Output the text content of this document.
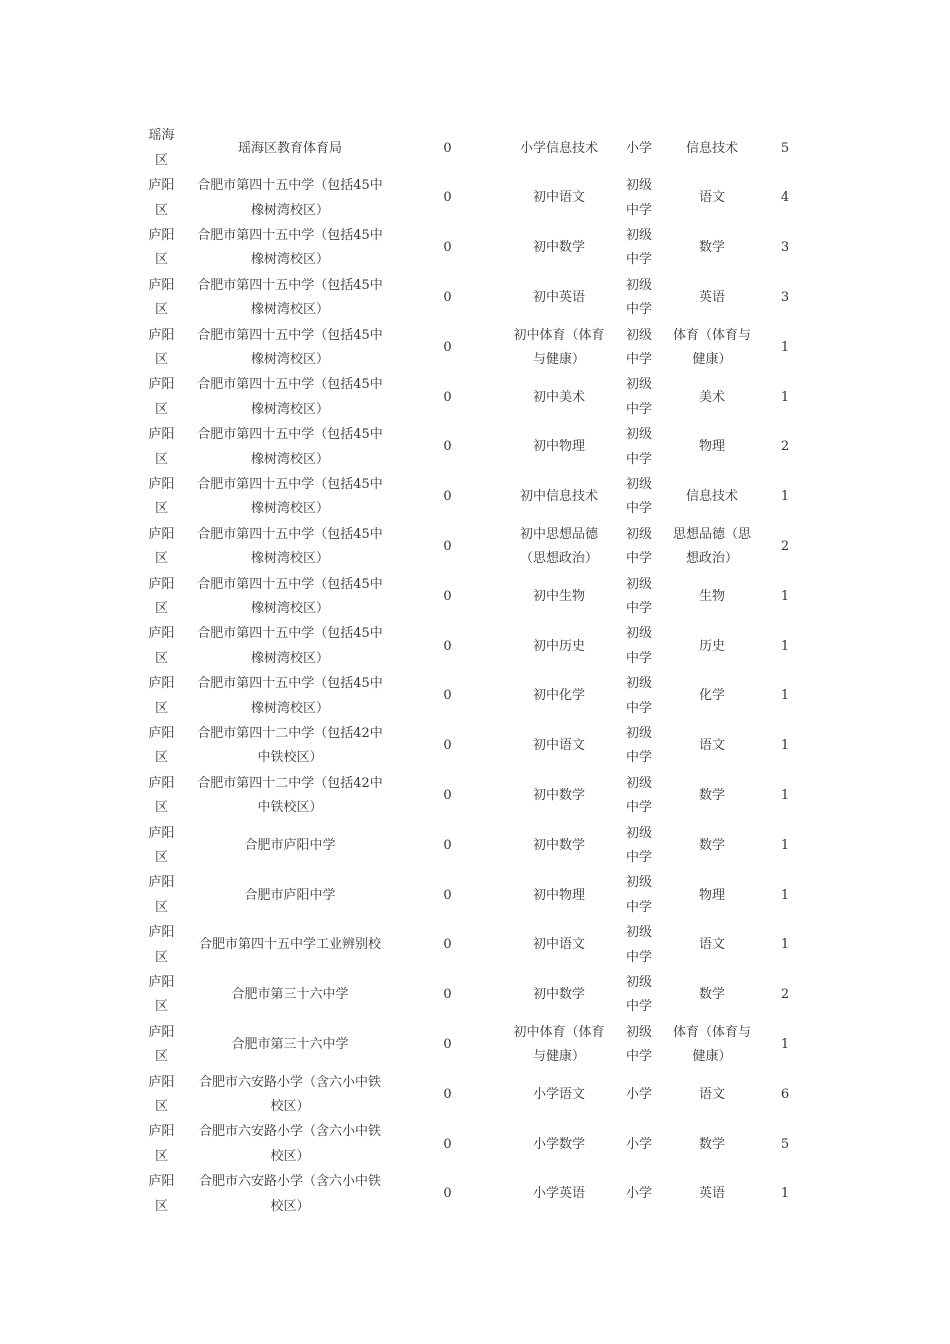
瑶海区	瑶海区教育体育局	0	小学信息技术	小学	信息技术	5
庐阳区	合肥市第四十五中学（包括45中橡树湾校区）	0	初中语文	初级中学	语文	4
庐阳区	合肥市第四十五中学（包括45中橡树湾校区）	0	初中数学	初级中学	数学	3
庐阳区	合肥市第四十五中学（包括45中橡树湾校区）	0	初中英语	初级中学	英语	3
庐阳区	合肥市第四十五中学（包括45中橡树湾校区）	0	初中体育（体育与健康）	初级中学	体育（体育与健康）	1
庐阳区	合肥市第四十五中学（包括45中橡树湾校区）	0	初中美术	初级中学	美术	1
庐阳区	合肥市第四十五中学（包括45中橡树湾校区）	0	初中物理	初级中学	物理	2
庐阳区	合肥市第四十五中学（包括45中橡树湾校区）	0	初中信息技术	初级中学	信息技术	1
庐阳区	合肥市第四十五中学（包括45中橡树湾校区）	0	初中思想品德（思想政治）	初级中学	思想品德（思想政治）	2
庐阳区	合肥市第四十五中学（包括45中橡树湾校区）	0	初中生物	初级中学	生物	1
庐阳区	合肥市第四十五中学（包括45中橡树湾校区）	0	初中历史	初级中学	历史	1
庐阳区	合肥市第四十五中学（包括45中橡树湾校区）	0	初中化学	初级中学	化学	1
庐阳区	合肥市第四十二中学（包括42中中铁校区）	0	初中语文	初级中学	语文	1
庐阳区	合肥市第四十二中学（包括42中中铁校区）	0	初中数学	初级中学	数学	1
庐阳区	合肥市庐阳中学	0	初中数学	初级中学	数学	1
庐阳区	合肥市庐阳中学	0	初中物理	初级中学	物理	1
庐阳区	合肥市第四十五中学工业辨别校	0	初中语文	初级中学	语文	1
庐阳区	合肥市第三十六中学	0	初中数学	初级中学	数学	2
庐阳区	合肥市第三十六中学	0	初中体育（体育与健康）	初级中学	体育（体育与健康）	1
庐阳区	合肥市六安路小学（含六小中铁校区）	0	小学语文	小学	语文	6
庐阳区	合肥市六安路小学（含六小中铁校区）	0	小学数学	小学	数学	5
庐阳区	合肥市六安路小学（含六小中铁校区）	0	小学英语	小学	英语	1
